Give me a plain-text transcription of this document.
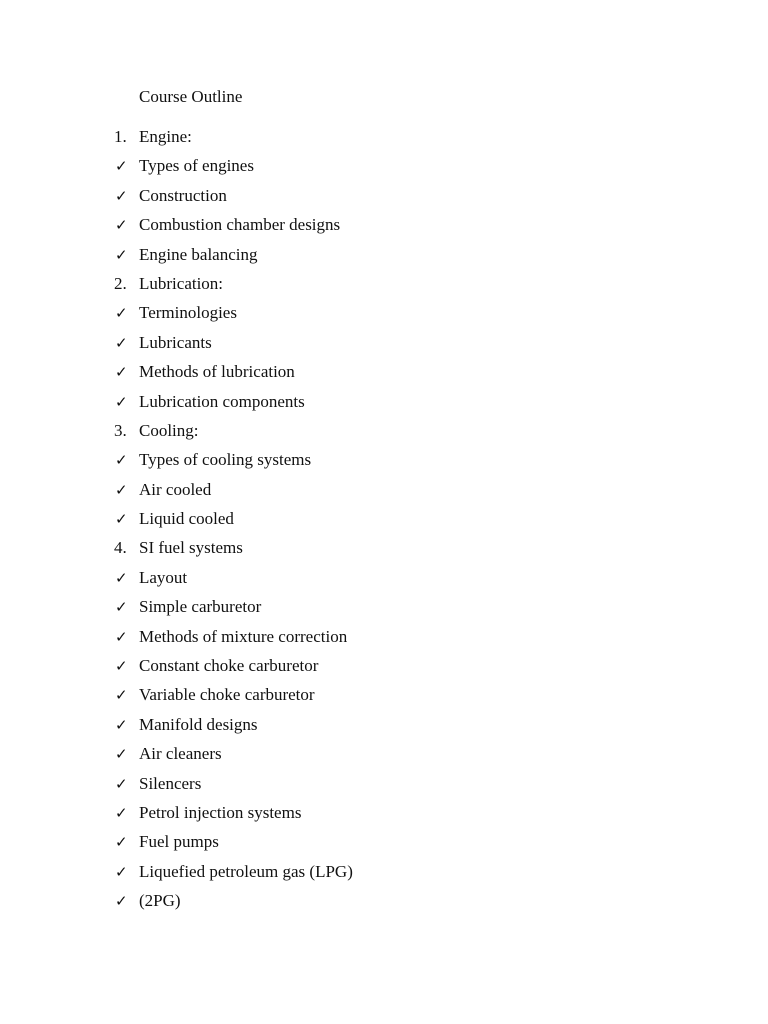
Course Outline
1. Engine:
✓ Types of engines
✓ Construction
✓ Combustion chamber designs
✓ Engine balancing
2. Lubrication:
✓ Terminologies
✓ Lubricants
✓ Methods of lubrication
✓ Lubrication components
3. Cooling:
✓ Types of cooling systems
✓ Air cooled
✓ Liquid cooled
4. SI fuel systems
✓ Layout
✓ Simple carburetor
✓ Methods of mixture correction
✓ Constant choke carburetor
✓ Variable choke carburetor
✓ Manifold designs
✓ Air cleaners
✓ Silencers
✓ Petrol injection systems
✓ Fuel pumps
✓ Liquefied petroleum gas (LPG)
✓ (2PG)
